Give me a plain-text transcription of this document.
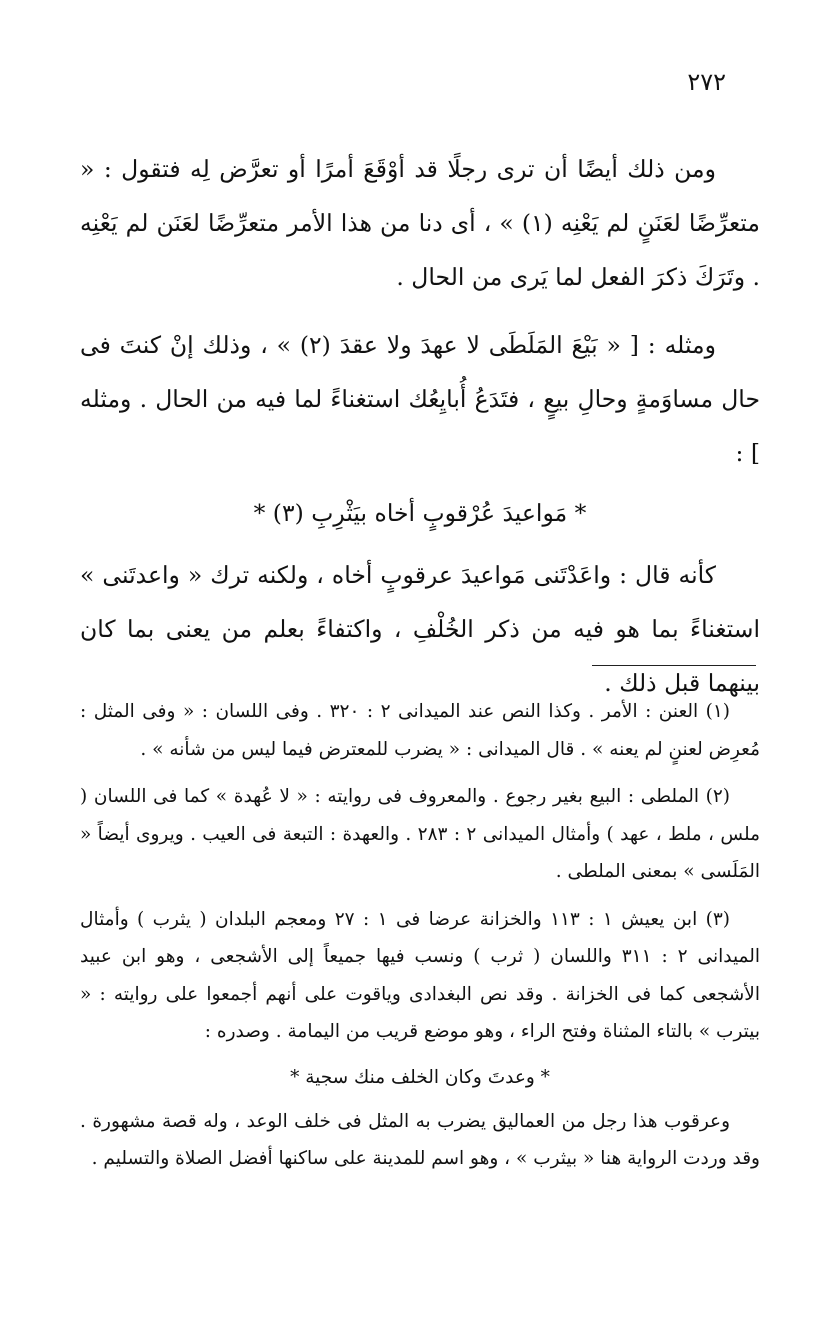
٢٧٢

ومن ذلك أيضًا أن ترى رجلًا قد أوْقَعَ أمرًا أو تعرَّض لِه فتقول : « متعرِّضًا لعَنَنٍ لم يَعْنِه (١) » ، أى دنا من هذا الأمر متعرِّضًا لعَنَن لم يَعْنِه . وتَرَكَ ذكرَ الفعل لما يَرى من الحال .

ومثله : [ « بَيْعَ المَلَطَى لا عهدَ ولا عقدَ (٢) » ، وذلك إنْ كنتَ فى حال مساوَمةٍ وحالِ بيعٍ ، فتَدَعُ أُبايِعُك استغناءً لما فيه من الحال . ومثله ] :

* مَواعيدَ عُرْقوبٍ أخاه بيَثْرِبِ (٣) *

كأنه قال : واعَدْتَنى مَواعيدَ عرقوبٍ أخاه ، ولكنه ترك « واعدتَنى » استغناءً بما هو فيه من ذكر الخُلْفِ ، واكتفاءً بعلم من يعنى بما كان بينهما قبل ذلك .

(١) العنن : الأمر . وكذا النص عند الميدانى ٢ : ٣٢٠ . وفى اللسان : « وفى المثل : مُعرِض لعننٍ لم يعنه » . قال الميدانى : « يضرب للمعترض فيما ليس من شأنه » .

(٢) الملطى : البيع بغير رجوع . والمعروف فى روايته : « لا عُهدة » كما فى اللسان ( ملس ، ملط ، عهد ) وأمثال الميدانى ٢ : ٢٨٣ . والعهدة : التبعة فى العيب . ويروى أيضاً « المَلَسى » بمعنى الملطى .

(٣) ابن يعيش ١ : ١١٣ والخزانة عرضا فى ١ : ٢٧ ومعجم البلدان ( يثرب ) وأمثال الميدانى ٢ : ٣١١ واللسان ( ثرب ) ونسب فيها جميعاً إلى الأشجعى ، وهو ابن عبيد الأشجعى كما فى الخزانة . وقد نص البغدادى وياقوت على أنهم أجمعوا على روايته : « بيترب » بالتاء المثناة وفتح الراء ، وهو موضع قريب من اليمامة . وصدره :

* وعدتَ وكان الخلف منك سجية *

وعرقوب هذا رجل من العماليق يضرب به المثل فى خلف الوعد ، وله قصة مشهورة . وقد وردت الرواية هنا « بيثرب » ، وهو اسم للمدينة على ساكنها أفضل الصلاة والتسليم .
